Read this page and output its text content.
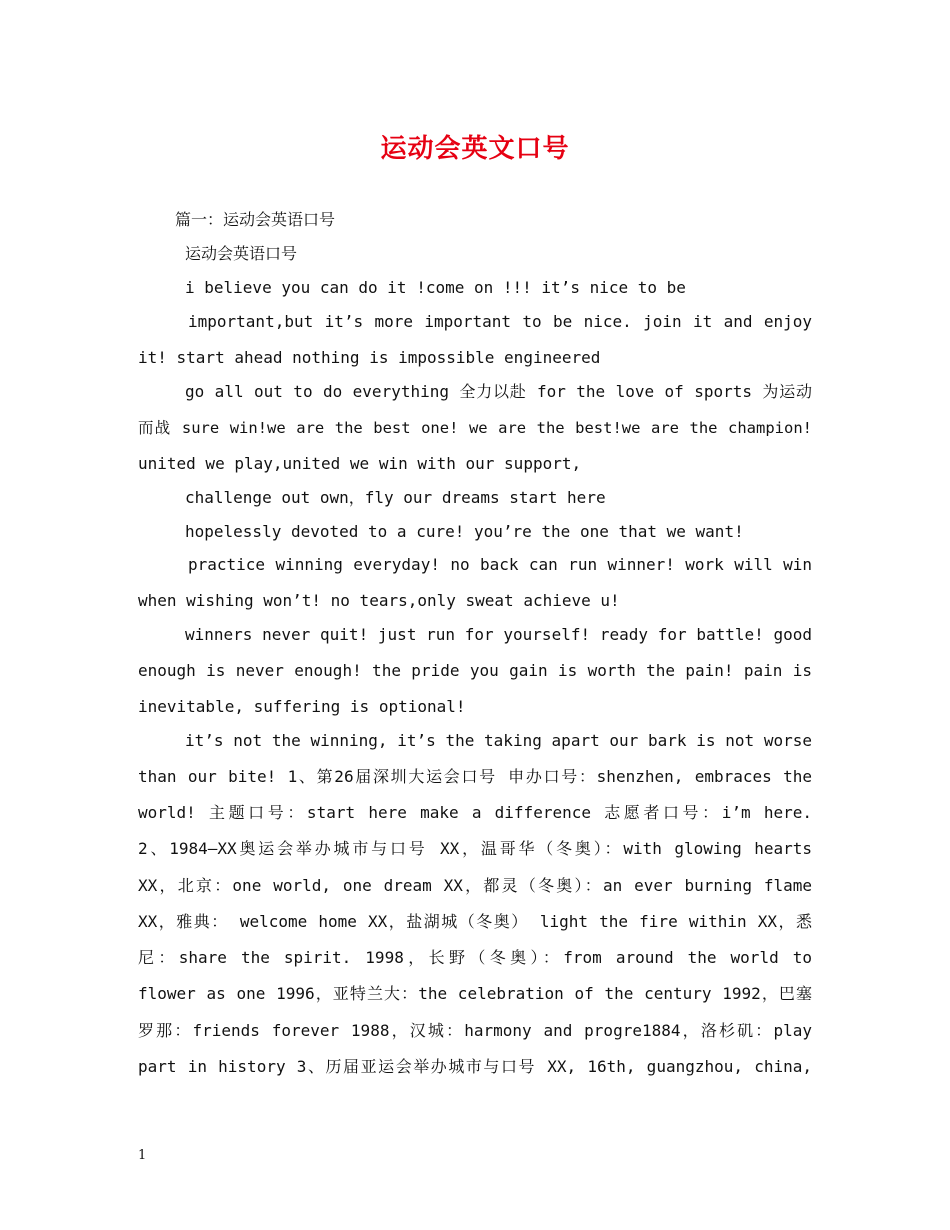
运动会英文口号
篇一：运动会英语口号
运动会英语口号
i believe you can do it !come on !!! it’s nice to be
important,but it’s more important to be nice. join it and enjoy
it! start ahead nothing is impossible engineered
go all out to do everything 全力以赴 for the love of sports 为运动
而战 sure win!we are the best one! we are the best!we are the champion!
united we play,united we win with our support,
challenge out own，fly our dreams start here
hopelessly devoted to a cure! you’re the one that we want!
practice winning everyday! no back can run winner! work will win
when wishing won’t! no tears,only sweat achieve u!
winners never quit! just run for yourself! ready for battle! good
enough is never enough! the pride you gain is worth the pain! pain is
inevitable, suffering is optional!
it’s not the winning, it’s the taking apart our bark is not worse
than our bite! 1、第26届深圳大运会口号 申办口号：shenzhen, embraces the
world! 主题口号：start here make a difference 志愿者口号：i’m here.
2、1984—XX奥运会举办城市与口号 XX，温哥华（冬奥）：with glowing hearts
XX，北京：one world, one dream XX，都灵（冬奥）：an ever burning flame
XX，雅典： welcome home XX，盐湖城（冬奥） light the fire within XX，悉
尼：share the spirit. 1998，长野（冬奥）：from around the world to
flower as one 1996，亚特兰大：the celebration of the century 1992，巴塞
罗那：friends forever 1988，汉城：harmony and progre1884，洛杉矶：play
part in history 3、历届亚运会举办城市与口号 XX, 16th, guangzhou, china,
1
